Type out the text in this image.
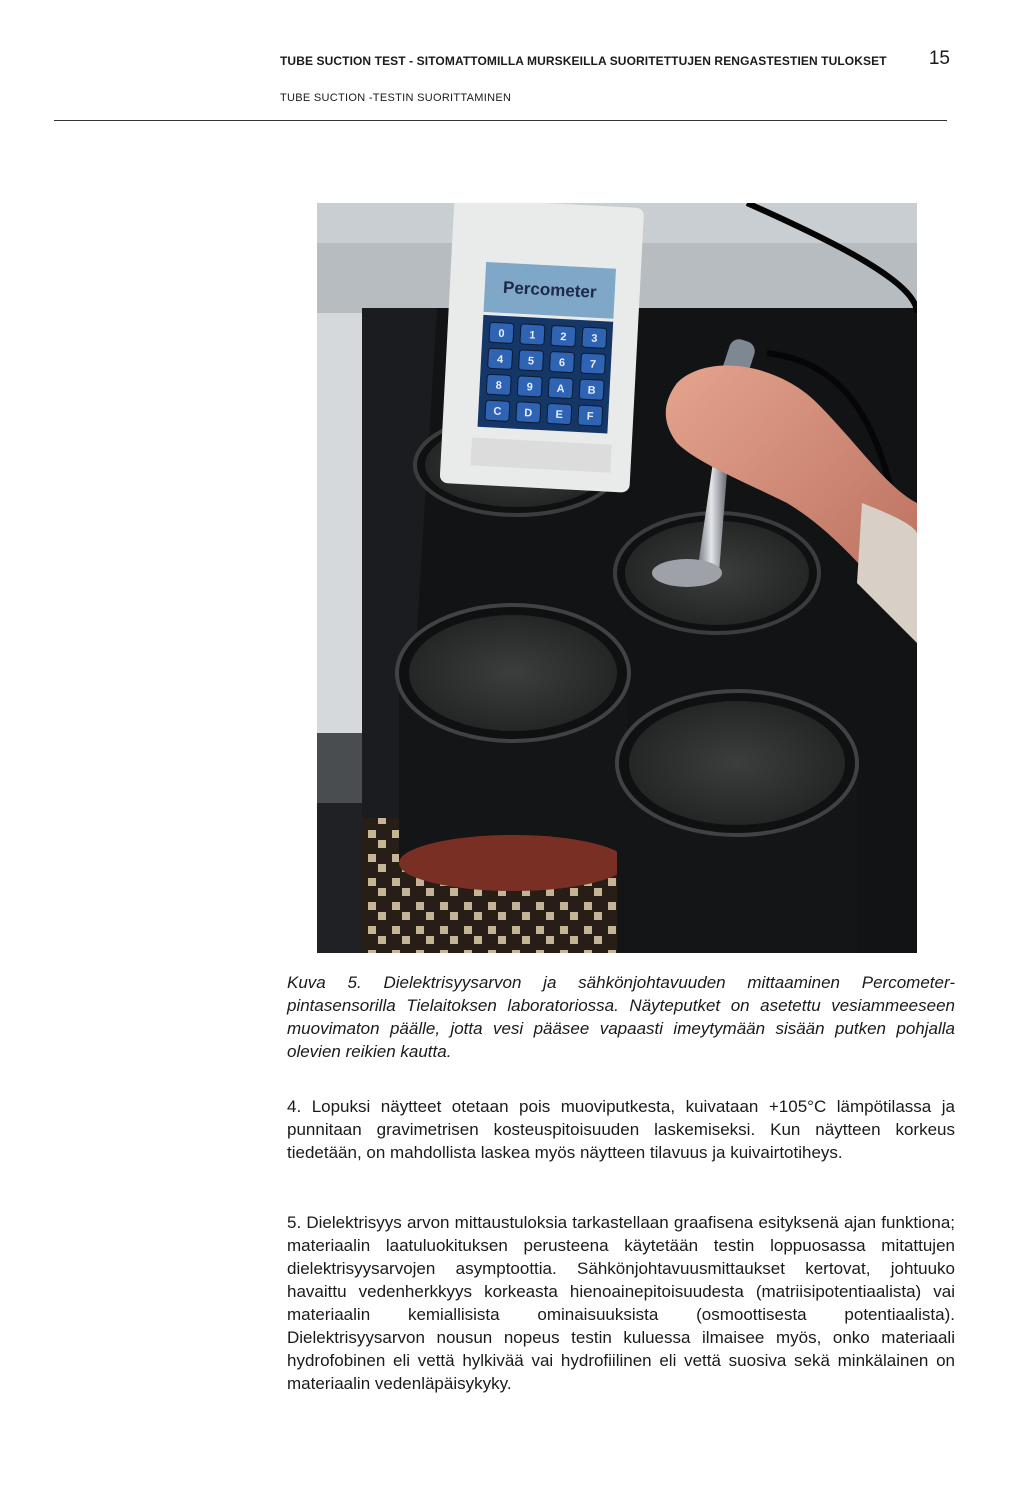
TUBE SUCTION TEST - SITOMATTOMILLA MURSKEILLA SUORITETTUJEN RENGASTESTIEN TULOKSET 15
TUBE SUCTION -TESTIN SUORITTAMINEN
Percometer
0 1 2 3
4 5 6 7
8 9 A B
C D E F
Kuva 5. Dielektrisyysarvon ja sähkönjohtavuuden mittaaminen Percometer-pintasensorilla Tielaitoksen laboratoriossa. Näyteputket on asetettu vesiammeeseen muovimaton päälle, jotta vesi pääsee vapaasti imeytymään sisään putken pohjalla olevien reikien kautta.
4. Lopuksi näytteet otetaan pois muoviputkesta, kuivataan +105°C lämpötilassa ja punnitaan gravimetrisen kosteuspitoisuuden laskemiseksi. Kun näytteen korkeus tiedetään, on mahdollista laskea myös näytteen tilavuus ja kuivairtotiheys.
5. Dielektrisyys arvon mittaustuloksia tarkastellaan graafisena esityksenä ajan funktiona; materiaalin laatuluokituksen perusteena käytetään testin loppuosassa mitattujen dielektrisyysarvojen asymptoottia. Sähkönjohtavuusmittaukset kertovat, johtuuko havaittu vedenherkkyys korkeasta hienoainepitoisuudesta (matriisipotentiaalista) vai materiaalin kemiallisista ominaisuuksista (osmoottisesta potentiaalista). Dielektrisyysarvon nousun nopeus testin kuluessa ilmaisee myös, onko materiaali hydrofobinen eli vettä hylkivää vai hydrofiilinen eli vettä suosiva sekä minkälainen on materiaalin vedenläpäisykyky.
